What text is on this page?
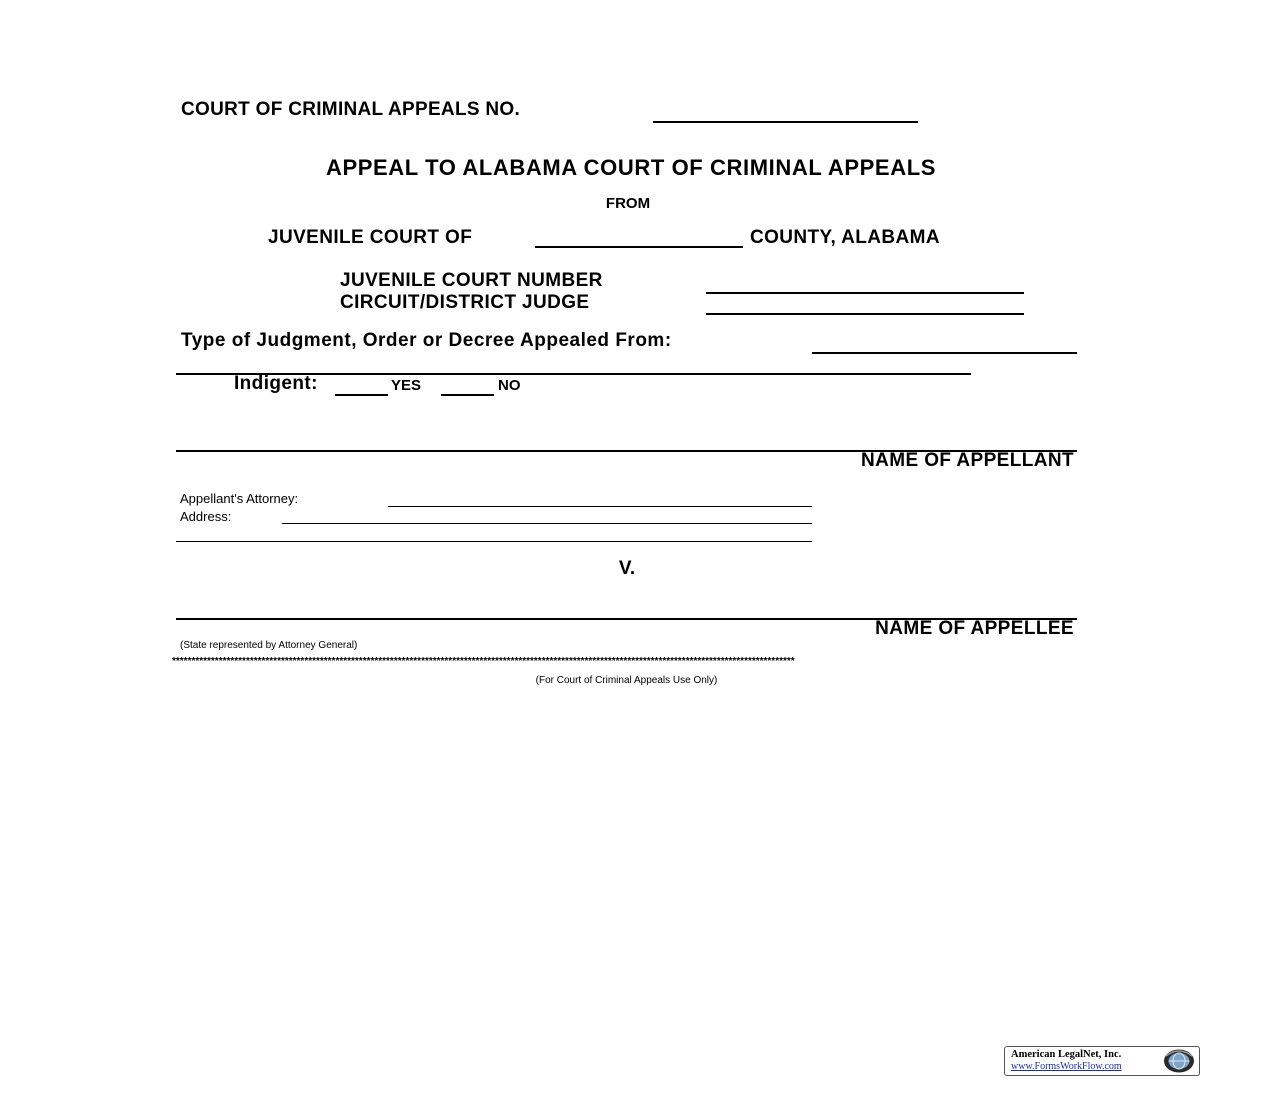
COURT OF CRIMINAL APPEALS NO.
APPEAL TO ALABAMA COURT OF CRIMINAL APPEALS
FROM
JUVENILE COURT OF	COUNTY, ALABAMA
JUVENILE COURT NUMBER
CIRCUIT/DISTRICT JUDGE
Type of Judgment, Order or Decree Appealed From:
Indigent:	YES	NO
NAME OF APPELLANT
Appellant's Attorney:
Address:
V.
NAME OF APPELLEE
(State represented by Attorney General)
****************************************************************************************************************************************************************
(For Court of Criminal Appeals Use Only)
American LegalNet, Inc.
www.FormsWorkFlow.com
